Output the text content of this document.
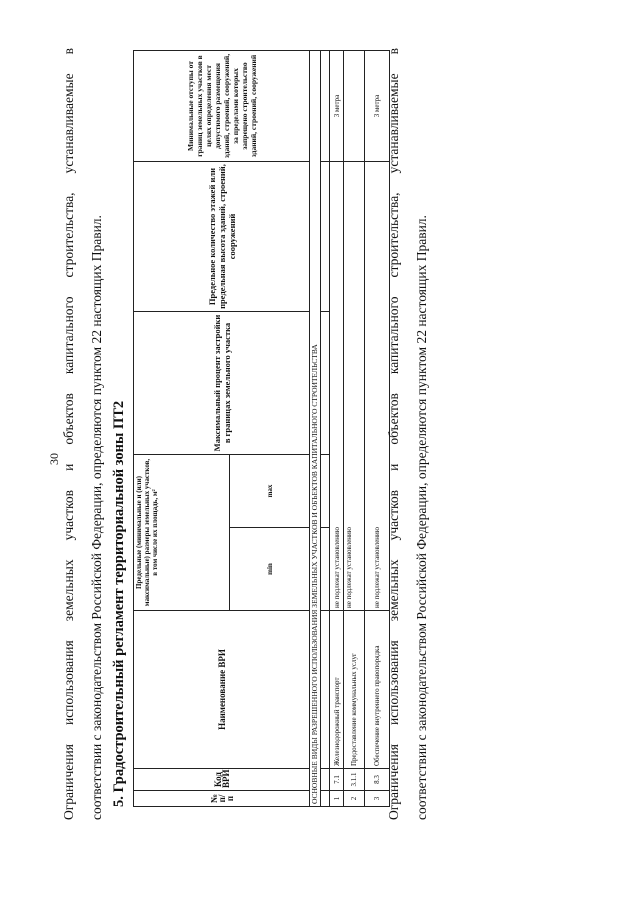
30 Ограничения использования земельных участков и объектов капитального строительства, устанавливаемые в соответствии с законодательством Российской Федерации, определяются пунктом 22 настоящих Правил. 5. Градостроительный регламент территориальной зоны ПТ2	№ п/п	Код ВРИ	Наименование ВРИ	Предельные (минимальные и (или) максимальные) размеры земельных участков, в том числе их площадь, м²		Максимальный процент застройки в границах земельного участка	Предельное количество этажей или предельная высота зданий, строений, сооружений	Минимальные отступы от границ земельных участков в целях определения мест допустимого размещения зданий, строений, сооружений, за пределами которых запрещено строительство зданий, строений, сооружений
			min	max			
ОСНОВНЫЕ ВИДЫ РАЗРЕШЕННОГО ИСПОЛЬЗОВАНИЯ ЗЕМЕЛЬНЫХ УЧАСТКОВ И ОБЪЕКТОВ КАПИТАЛЬНОГО СТРОИТЕЛЬСТВА							

1	7.1	Железнодорожный транспорт	не подлежат установлению				3 метра
2	3.1.1	Предоставление коммунальных услуг	не подлежат установлению				
3	8.3	Обеспечение внутреннего правопорядка	не подлежат установлению				3 метра Ограничения использования земельных участков и объектов капитального строительства, устанавливаемые в соответствии с законодательством Российской Федерации, определяются пунктом 22 настоящих Правил.
